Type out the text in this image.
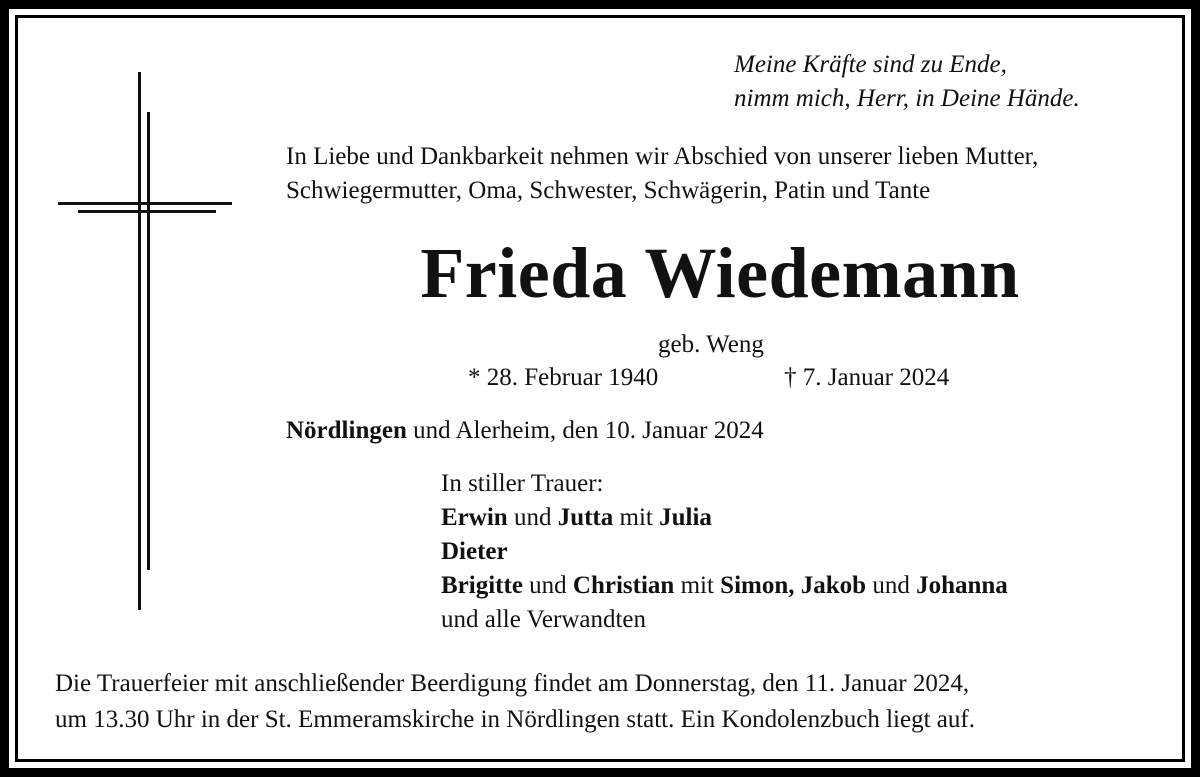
Meine Kräfte sind zu Ende,
nimm mich, Herr, in Deine Hände.
In Liebe und Dankbarkeit nehmen wir Abschied von unserer lieben Mutter,
Schwiegermutter, Oma, Schwester, Schwägerin, Patin und Tante
Frieda Wiedemann
geb. Weng
* 28. Februar 1940	† 7. Januar 2024
Nördlingen und Alerheim, den 10. Januar 2024
In stiller Trauer:
Erwin und Jutta mit Julia
Dieter
Brigitte und Christian mit Simon, Jakob und Johanna
und alle Verwandten
Die Trauerfeier mit anschließender Beerdigung findet am Donnerstag, den 11. Januar 2024,
um 13.30 Uhr in der St. Emmeramskirche in Nördlingen statt. Ein Kondolenzbuch liegt auf.
